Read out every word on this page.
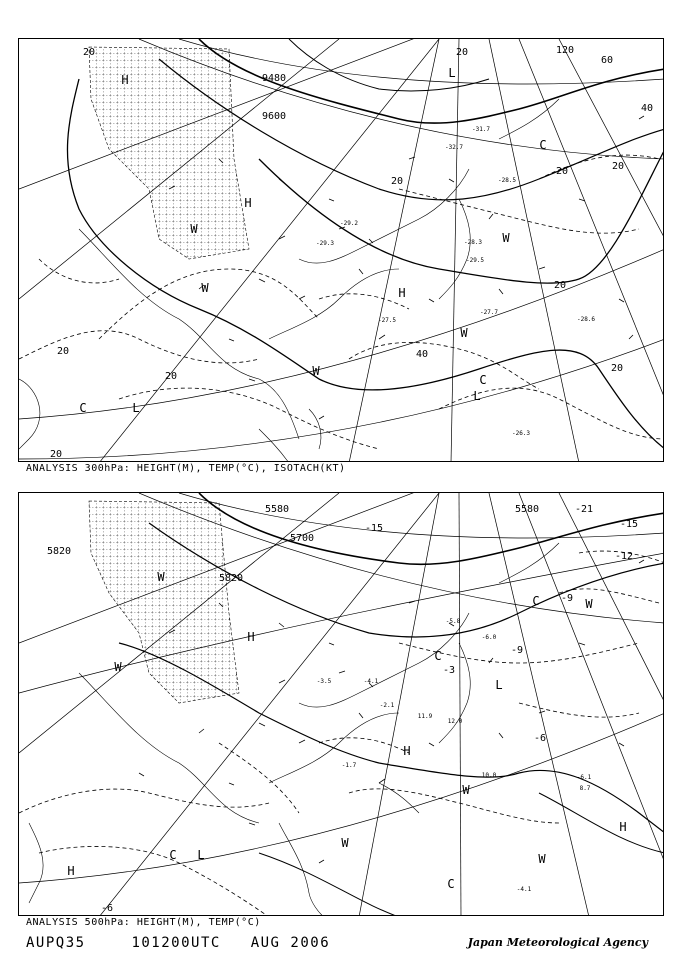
H
H
H
L
L
L
C
C
C
W
W
W
W
W
9480
9600
20
20
20
20
20
40
20
20
120
60
40
20	20
20
-31.7
-32.7
-28.3
-29.3
-29.5
-27.7
-27.5	-28.6
-26.3
-29.2
-28.5
ANALYSIS 300hPa: HEIGHT(M), TEMP(°C), ISOTACH(KT)
H
H
H
L
L
C
C
C
C
W
W
W
W
W
W
H
5820
5580
5700
5820
5580
-15
-12
-9
-9
-6
-3
-6
-21
-15
-6.0
-5.8
-4.1
-3.5
-2.1
-1.7
-6.1
12.0
11.9
10.0
8.7
-4.1
ANALYSIS 500hPa: HEIGHT(M), TEMP(°C)
AUPQ35	101200UTC AUG 2006	Japan Meteorological Agency
